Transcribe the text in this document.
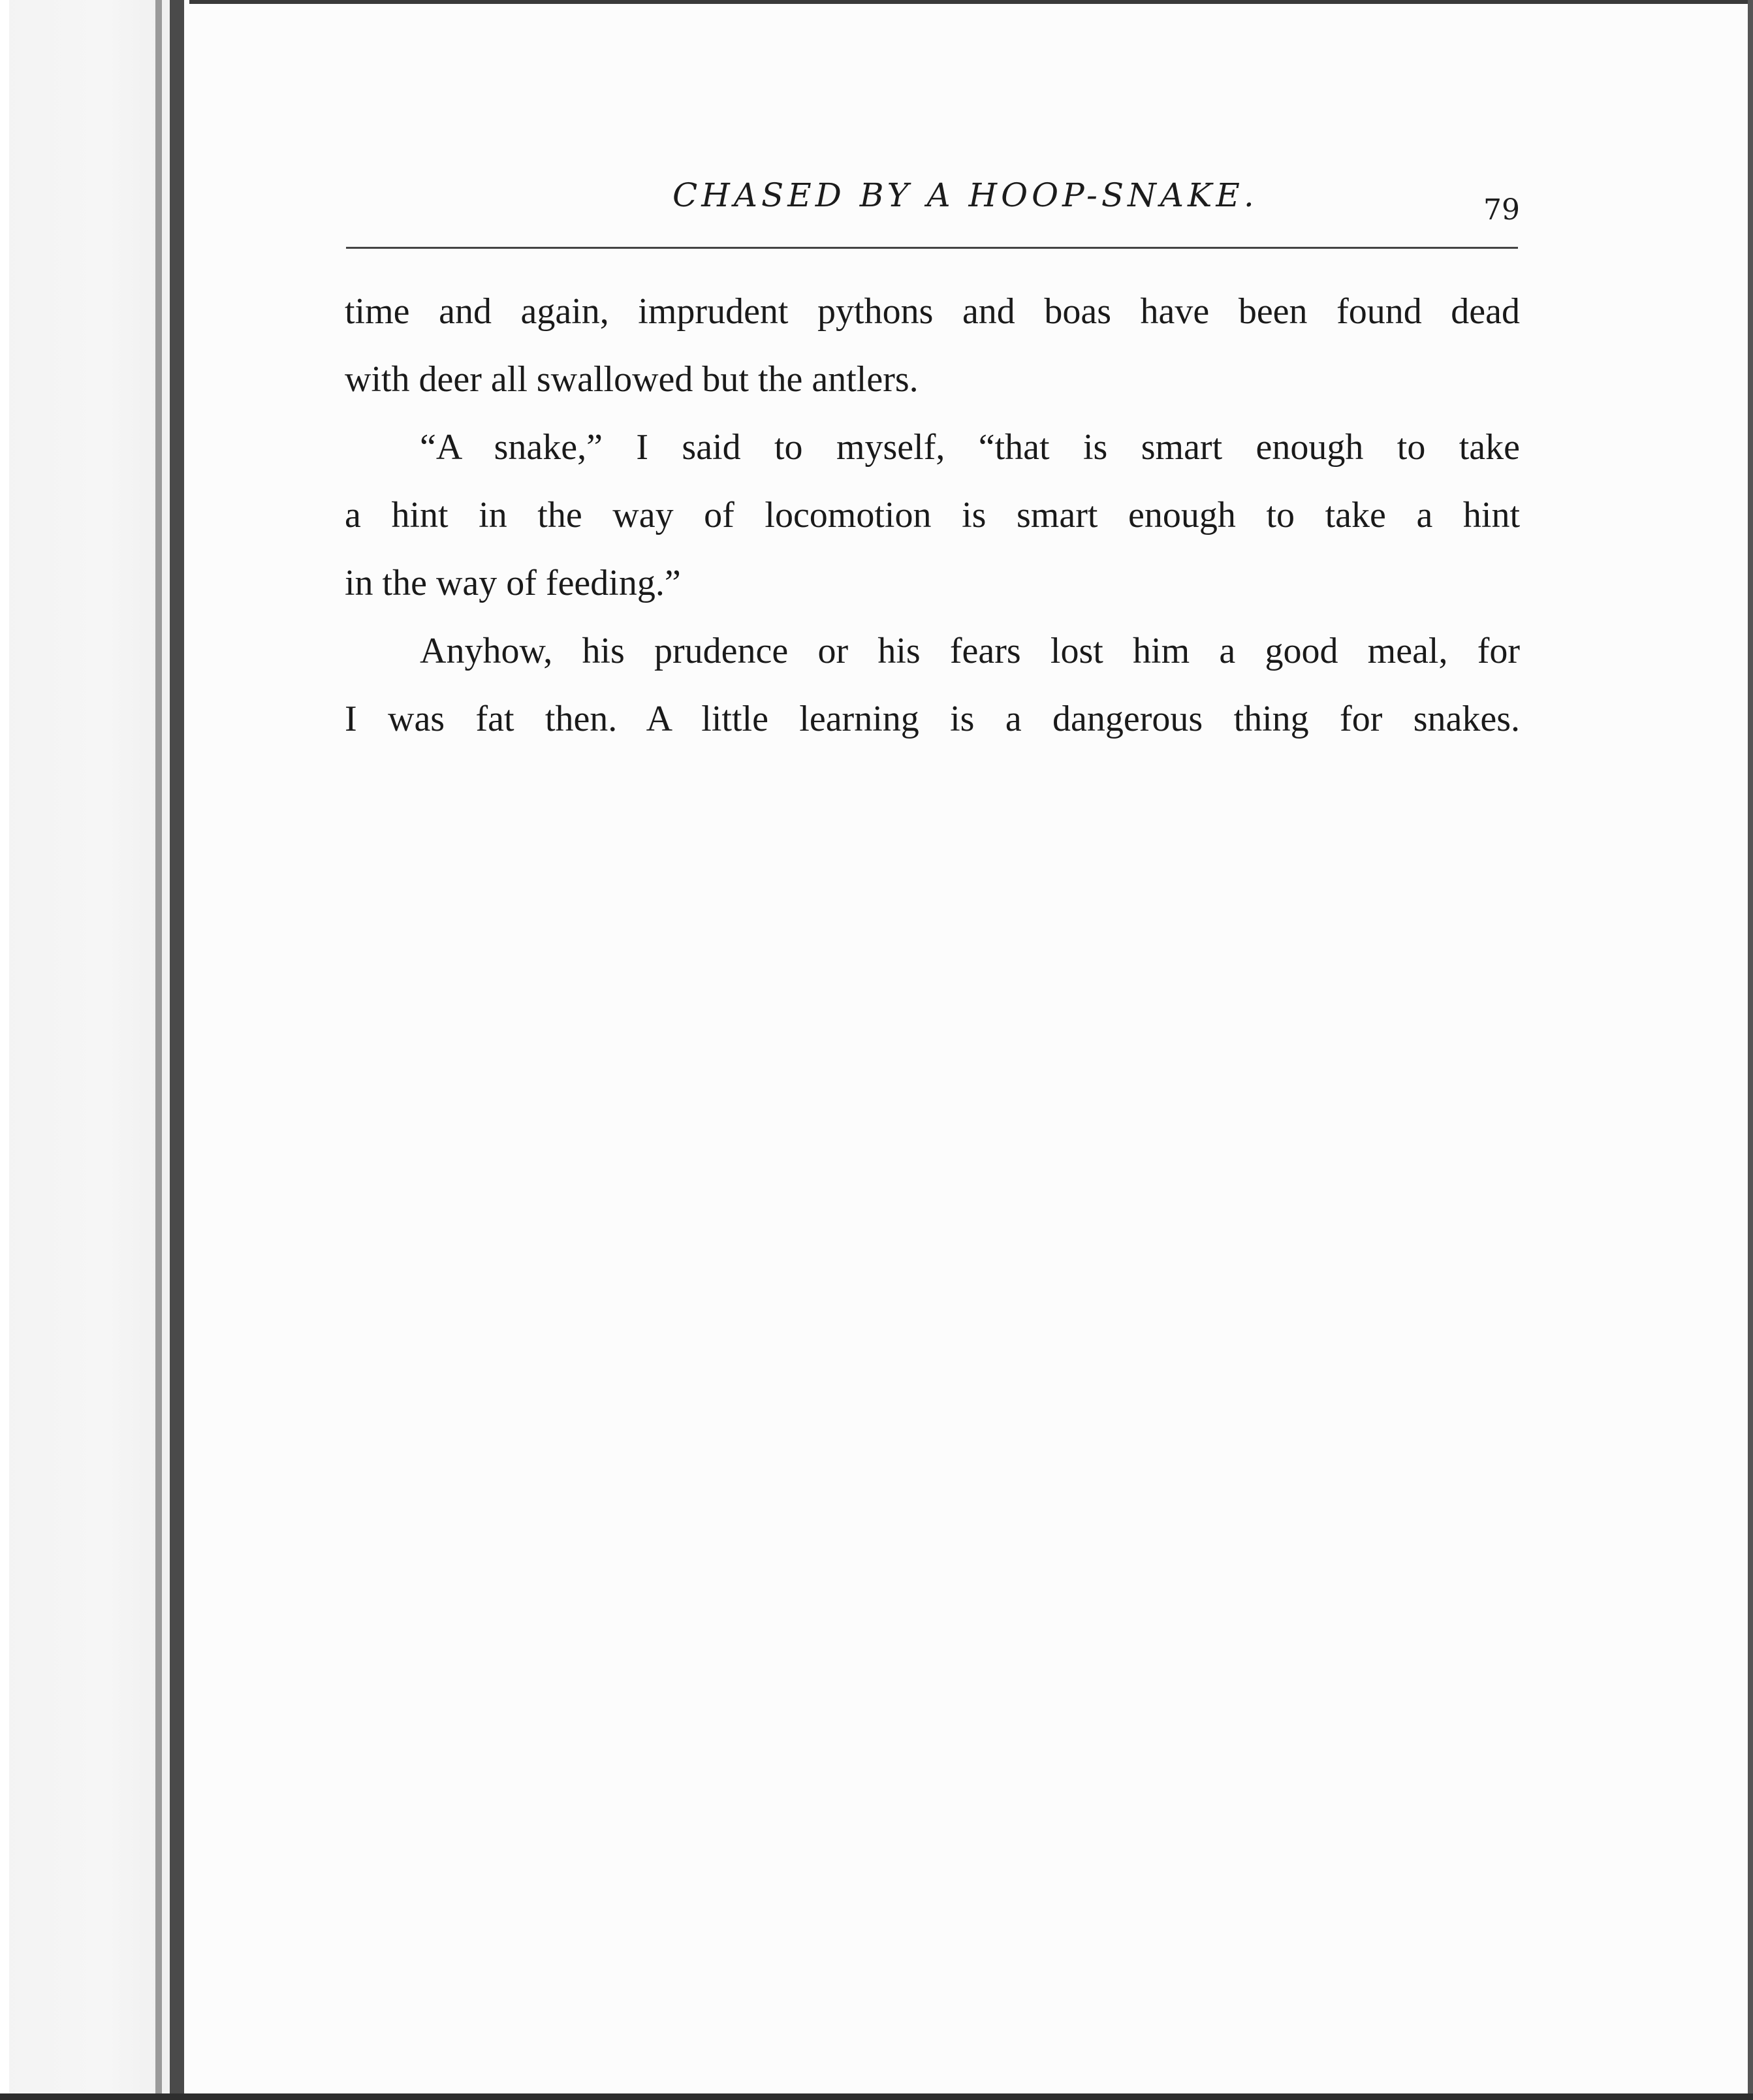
CHASED BY A HOOP-SNAKE.	79
time and again, imprudent pythons and boas have been found dead
with deer all swallowed but the antlers.
“A snake,” I said to myself, “that is smart enough to take
a hint in the way of locomotion is smart enough to take a hint
in the way of feeding.”
Anyhow, his prudence or his fears lost him a good meal, for
I was fat then. A little learning is a dangerous thing for snakes.
